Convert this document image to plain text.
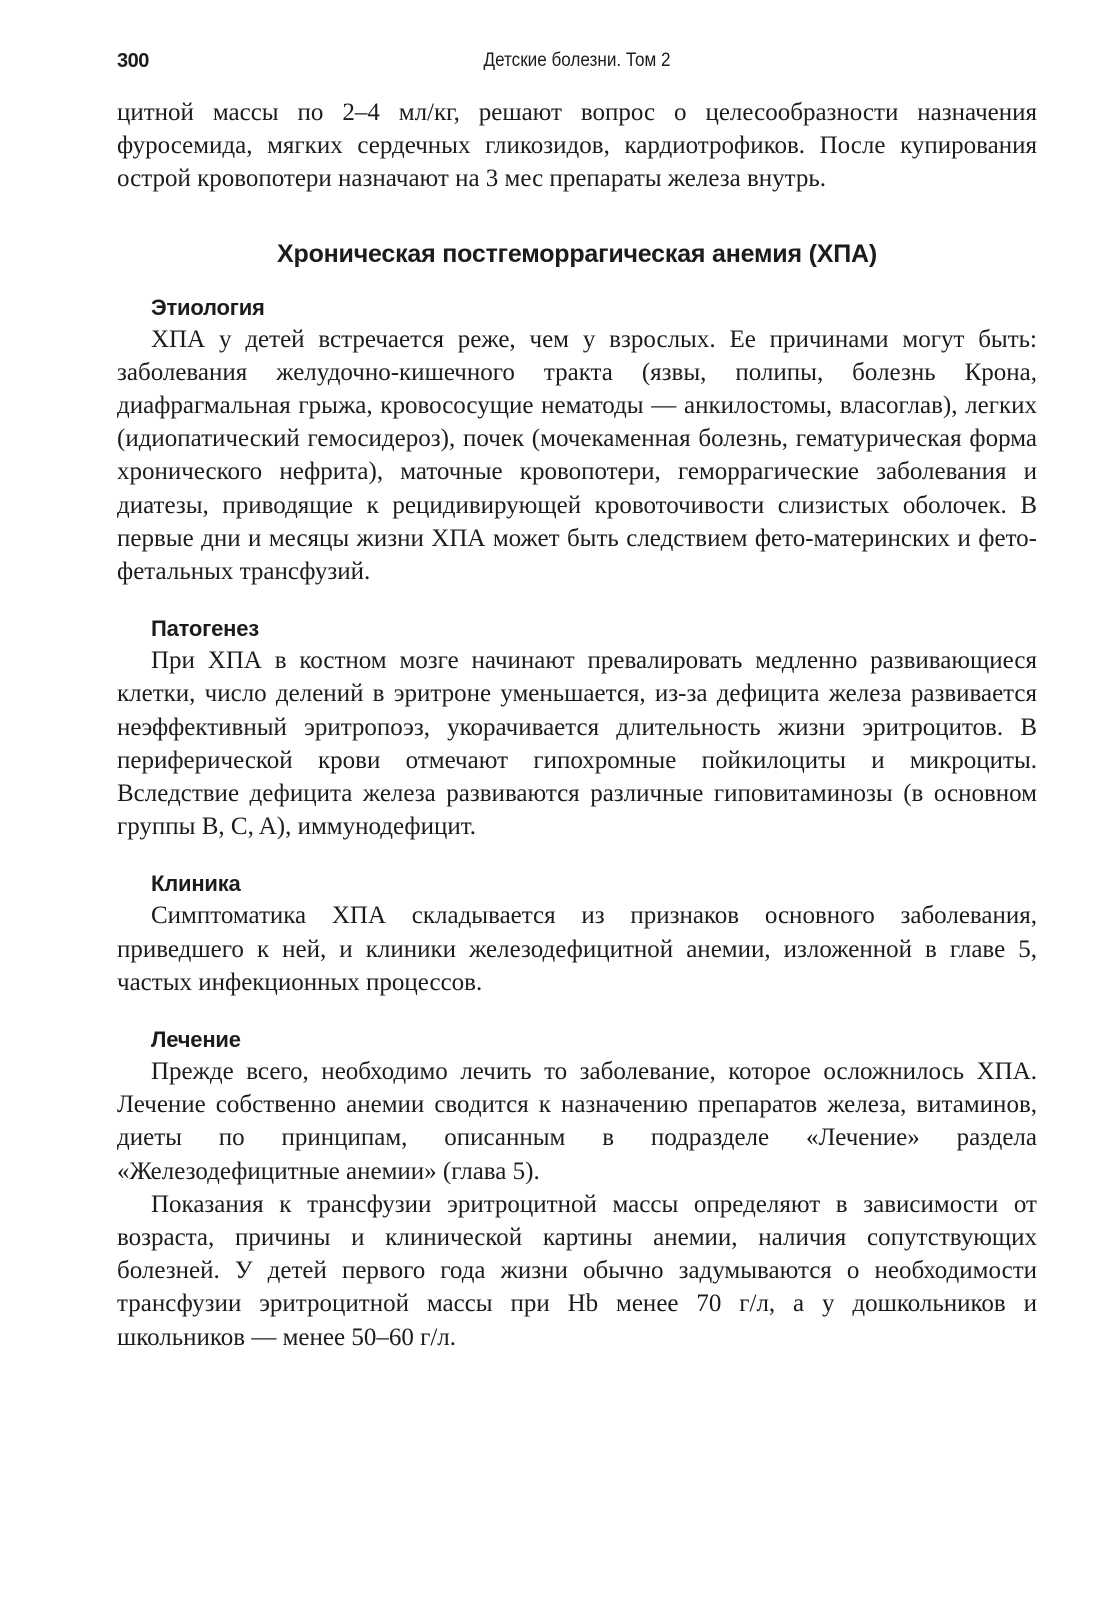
300	Детские болезни. Том 2

цитной массы по 2–4 мл/кг, решают вопрос о целесообразности назначения фуросемида, мягких сердечных гликозидов, кардиотрофиков. После купирования острой кровопотери назначают на 3 мес препараты железа внутрь.

Хроническая постгеморрагическая анемия (ХПА)
Этиология

ХПА у детей встречается реже, чем у взрослых. Ее причинами могут быть: заболевания желудочно-кишечного тракта (язвы, полипы, болезнь Крона, диафрагмальная грыжа, кровососущие нематоды — анкилостомы, власоглав), легких (идиопатический гемосидероз), почек (мочекаменная болезнь, гематурическая форма хронического нефрита), маточные кровопотери, геморрагические заболевания и диатезы, приводящие к рецидивирующей кровоточивости слизистых оболочек. В первые дни и месяцы жизни ХПА может быть следствием фето-материнских и фето-фетальных трансфузий.

Патогенез

При ХПА в костном мозге начинают превалировать медленно развивающиеся клетки, число делений в эритроне уменьшается, из-за дефицита железа развивается неэффективный эритропоэз, укорачивается длительность жизни эритроцитов. В периферической крови отмечают гипохромные пойкилоциты и микроциты. Вследствие дефицита железа развиваются различные гиповитаминозы (в основном группы B, C, A), иммунодефицит.

Клиника

Симптоматика ХПА складывается из признаков основного заболевания, приведшего к ней, и клиники железодефицитной анемии, изложенной в главе 5, частых инфекционных процессов.

Лечение

Прежде всего, необходимо лечить то заболевание, которое осложнилось ХПА. Лечение собственно анемии сводится к назначению препаратов железа, витаминов, диеты по принципам, описанным в подразделе «Лечение» раздела «Железодефицитные анемии» (глава 5).

Показания к трансфузии эритроцитной массы определяют в зависимости от возраста, причины и клинической картины анемии, наличия сопутствующих болезней. У детей первого года жизни обычно задумываются о необходимости трансфузии эритроцитной массы при Hb менее 70 г/л, а у дошкольников и школьников — менее 50–60 г/л.
